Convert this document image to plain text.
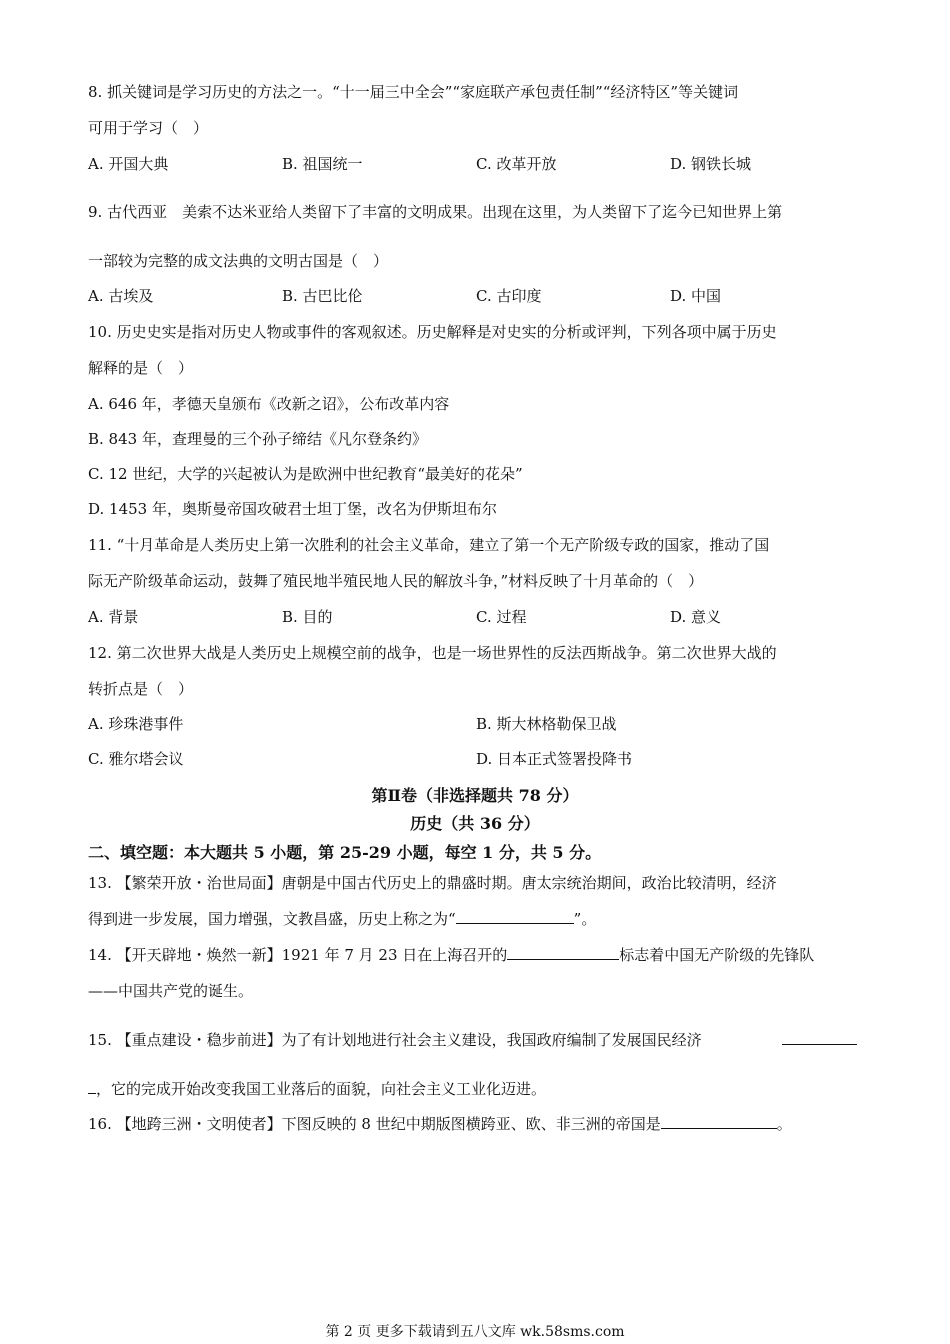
8. 抓关键词是学习历史的方法之一。“十一届三中全会”“家庭联产承包责任制”“经济特区”等关键词
可用于学习（　）
A. 开国大典	B. 祖国统一	C. 改革开放	D. 钢铁长城
9. 古代西亚　美索不达米亚给人类留下了丰富的文明成果。出现在这里，为人类留下了迄今已知世界上第
一部较为完整的成文法典的文明古国是（　）
A. 古埃及	B. 古巴比伦	C. 古印度	D. 中国
10. 历史史实是指对历史人物或事件的客观叙述。历史解释是对史实的分析或评判，下列各项中属于历史
解释的是（　）
A. 646 年，孝德天皇颁布《改新之诏》，公布改革内容
B. 843 年，查理曼的三个孙子缔结《凡尔登条约》
C. 12 世纪，大学的兴起被认为是欧洲中世纪教育“最美好的花朵”
D. 1453 年，奥斯曼帝国攻破君士坦丁堡，改名为伊斯坦布尔
11. “十月革命是人类历史上第一次胜利的社会主义革命，建立了第一个无产阶级专政的国家，推动了国
际无产阶级革命运动，鼓舞了殖民地半殖民地人民的解放斗争，”材料反映了十月革命的（　）
A. 背景	B. 目的	C. 过程	D. 意义
12. 第二次世界大战是人类历史上规模空前的战争，也是一场世界性的反法西斯战争。第二次世界大战的
转折点是（　）
A. 珍珠港事件	B. 斯大林格勒保卫战
C. 雅尔塔会议	D. 日本正式签署投降书
第Ⅱ卷（非选择题共 78 分）
历史（共 36 分）
二、填空题：本大题共 5 小题，第 25-29 小题，每空 1 分，共 5 分。
13. 【繁荣开放・治世局面】唐朝是中国古代历史上的鼎盛时期。唐太宗统治期间，政治比较清明，经济
得到进一步发展，国力增强，文教昌盛，历史上称之为“	”。
14. 【开天辟地・焕然一新】1921 年 7 月 23 日在上海召开的	标志着中国无产阶级的先锋队
——中国共产党的诞生。
15. 【重点建设・稳步前进】为了有计划地进行社会主义建设，我国政府编制了发展国民经济
，它的完成开始改变我国工业落后的面貌，向社会主义工业化迈进。
16. 【地跨三洲・文明使者】下图反映的 8 世纪中期版图横跨亚、欧、非三洲的帝国是	。
第 2 页 更多下载请到五八文库 wk.58sms.com
